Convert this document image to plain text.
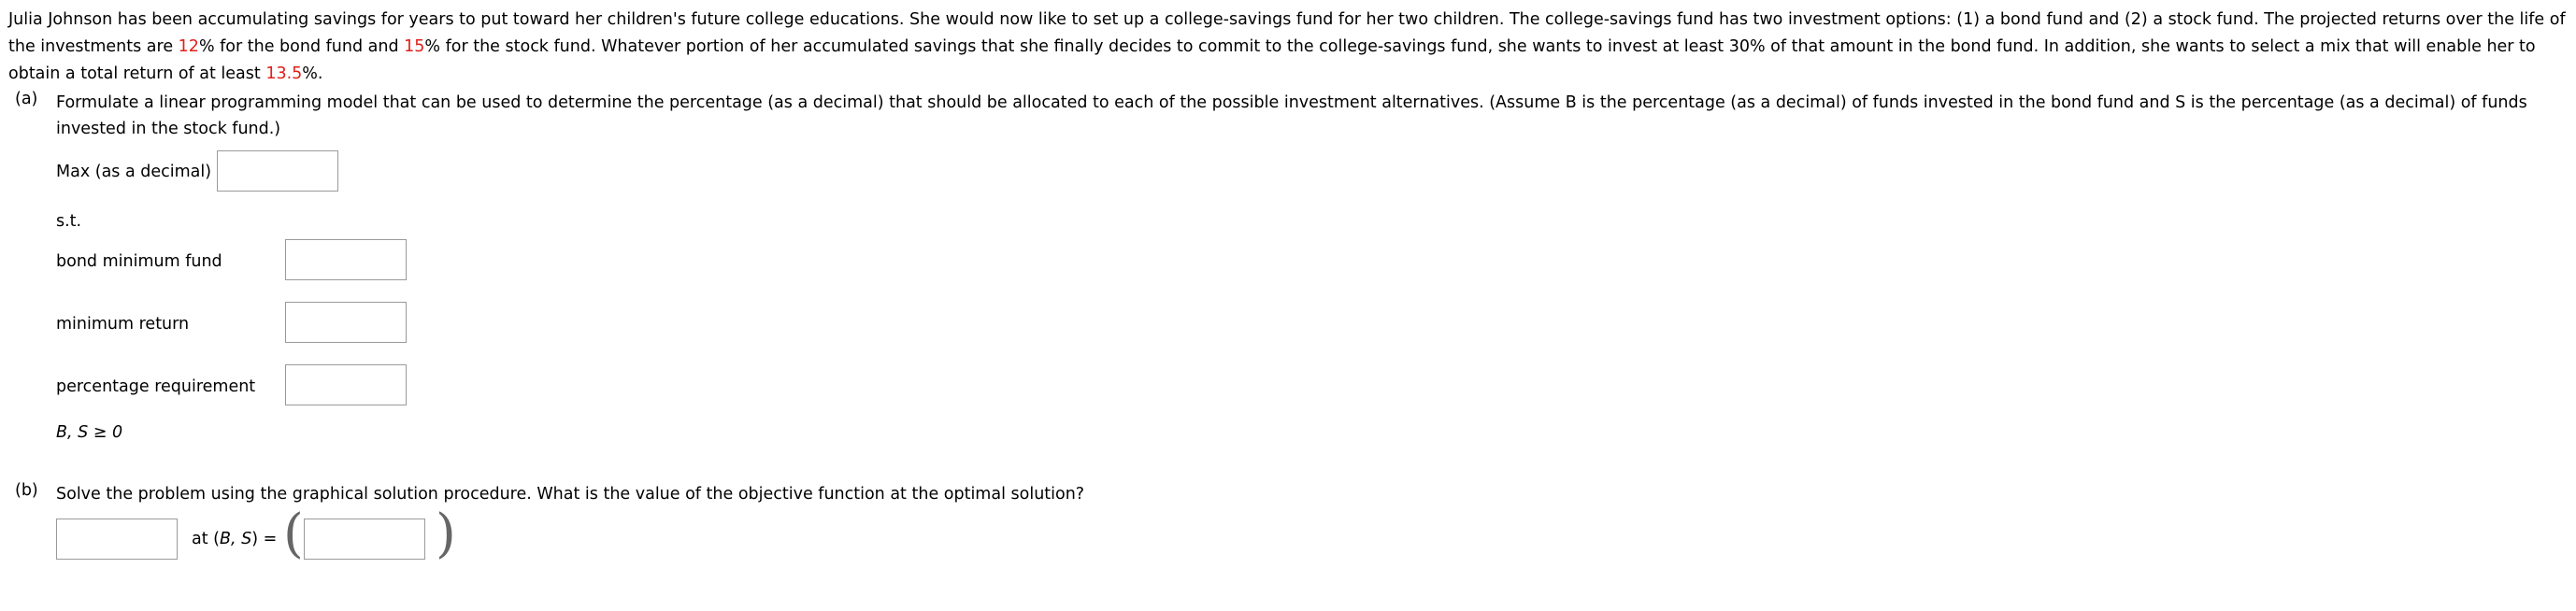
Julia Johnson has been accumulating savings for years to put toward her children's future college educations. She would now like to set up a college-savings fund for her two children. The college-savings fund has two investment options: (1) a bond fund and (2) a stock fund. The projected returns over the life of the investments are 12% for the bond fund and 15% for the stock fund. Whatever portion of her accumulated savings that she finally decides to commit to the college-savings fund, she wants to invest at least 30% of that amount in the bond fund. In addition, she wants to select a mix that will enable her to obtain a total return of at least 13.5%.

(a) Formulate a linear programming model that can be used to determine the percentage (as a decimal) that should be allocated to each of the possible investment alternatives. (Assume B is the percentage (as a decimal) of funds invested in the bond fund and S is the percentage (as a decimal) of funds invested in the stock fund.)
Max (as a decimal)
s.t.
bond minimum fund
minimum return
percentage requirement
B, S ≥ 0
(b) Solve the problem using the graphical solution procedure. What is the value of the objective function at the optimal solution?
at (B, S) = (	)
